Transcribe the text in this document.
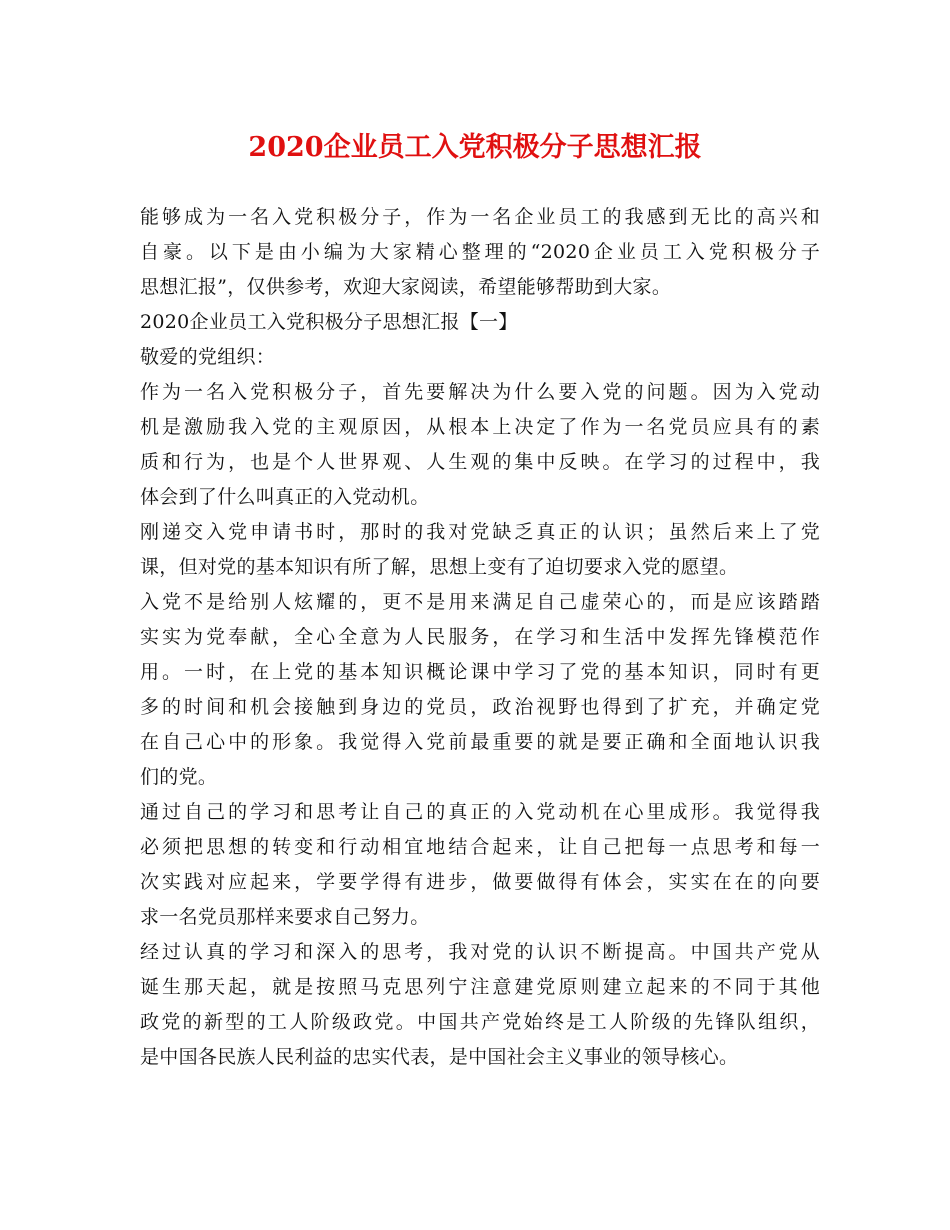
2020企业员工入党积极分子思想汇报
能够成为一名入党积极分子，作为一名企业员工的我感到无比的高兴和
自豪。以下是由小编为大家精心整理的“2020企业员工入党积极分子
思想汇报”，仅供参考，欢迎大家阅读，希望能够帮助到大家。
2020企业员工入党积极分子思想汇报【一】
敬爱的党组织：
作为一名入党积极分子，首先要解决为什么要入党的问题。因为入党动
机是激励我入党的主观原因，从根本上决定了作为一名党员应具有的素
质和行为，也是个人世界观、人生观的集中反映。在学习的过程中，我
体会到了什么叫真正的入党动机。
刚递交入党申请书时，那时的我对党缺乏真正的认识；虽然后来上了党
课，但对党的基本知识有所了解，思想上变有了迫切要求入党的愿望。
入党不是给别人炫耀的，更不是用来满足自己虚荣心的，而是应该踏踏
实实为党奉献，全心全意为人民服务，在学习和生活中发挥先锋模范作
用。一时，在上党的基本知识概论课中学习了党的基本知识，同时有更
多的时间和机会接触到身边的党员，政治视野也得到了扩充，并确定党
在自己心中的形象。我觉得入党前最重要的就是要正确和全面地认识我
们的党。
通过自己的学习和思考让自己的真正的入党动机在心里成形。我觉得我
必须把思想的转变和行动相宜地结合起来，让自己把每一点思考和每一
次实践对应起来，学要学得有进步，做要做得有体会，实实在在的向要
求一名党员那样来要求自己努力。
经过认真的学习和深入的思考，我对党的认识不断提高。中国共产党从
诞生那天起，就是按照马克思列宁注意建党原则建立起来的不同于其他
政党的新型的工人阶级政党。中国共产党始终是工人阶级的先锋队组织，
是中国各民族人民利益的忠实代表，是中国社会主义事业的领导核心。
